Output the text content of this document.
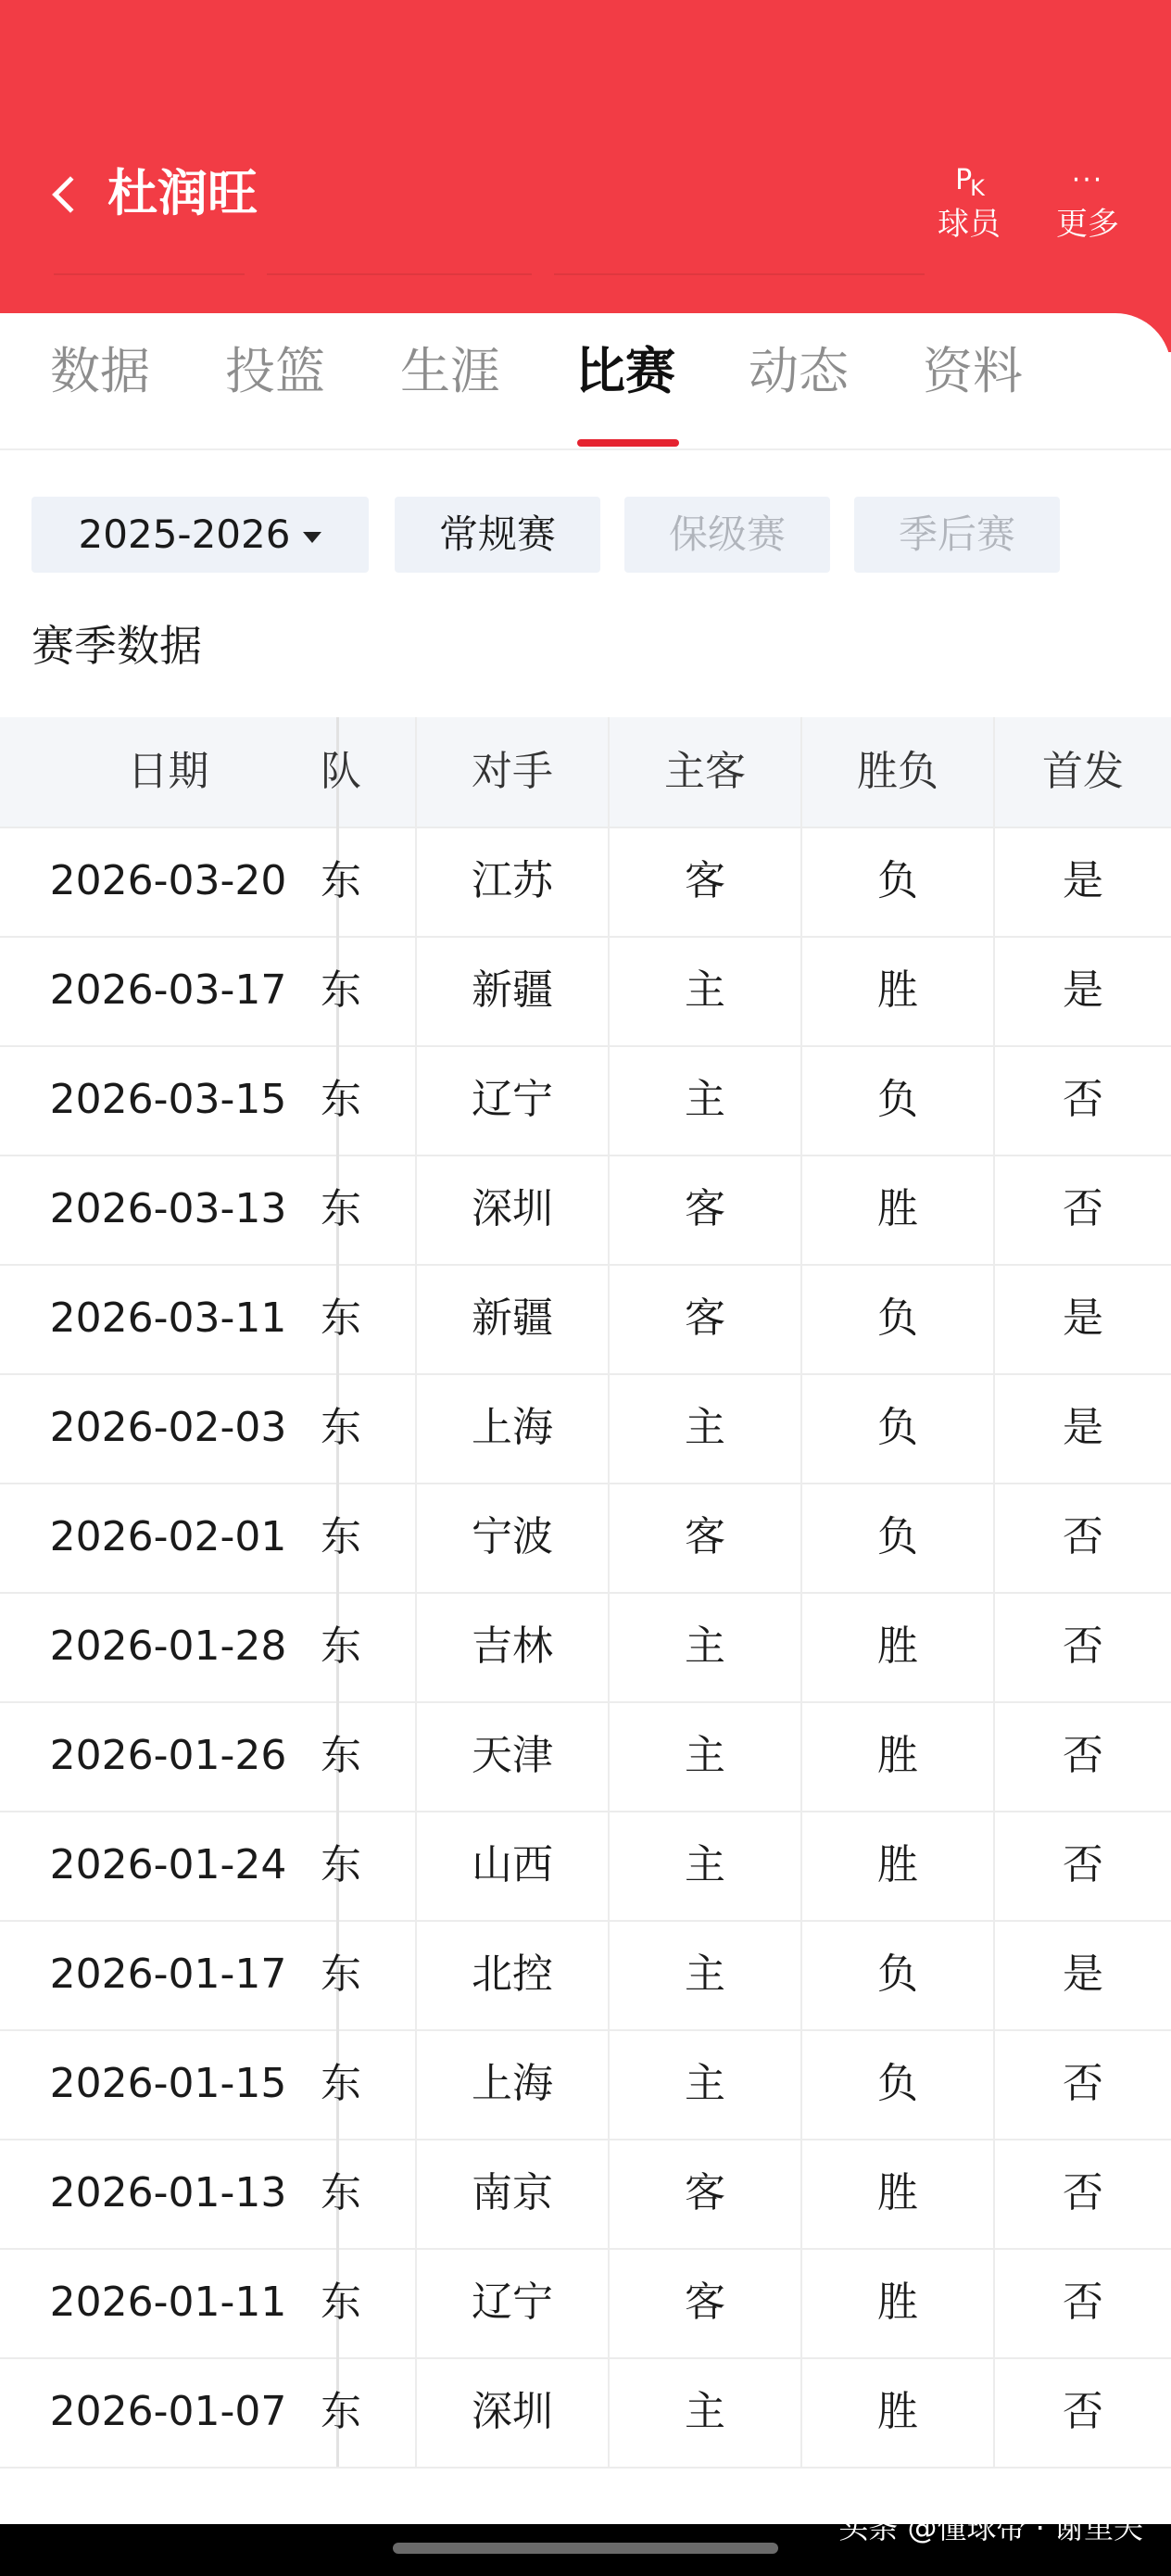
杜润旺	$P_K$
球员
···
更多
数据 投篮 生涯 比赛 动态 资料
2025-2026	常规赛	保级赛	季后赛
赛季数据
日期	队	对手	主客	胜负	首发
2026-03-20 东	江苏	客	负	是
2026-03-17 东	新疆	主	胜	是
2026-03-15 东	辽宁	主	负	否
2026-03-13 东	深圳	客	胜	否
2026-03-11 东	新疆	客	负	是
2026-02-03 东	上海	主	负	是
2026-02-01 东	宁波	客	负	否
2026-01-28 东	吉林	主	胜	否
2026-01-26 东	天津	主	胜	否
2026-01-24 东	山西	主	胜	否
2026-01-17 东	北控	主	负	是
2026-01-15 东	上海	主	负	否
2026-01-13 东	南京	客	胜	否
2026-01-11 东	辽宁	客	胜	否
2026-01-07 东	深圳	主	胜	否
头条 @懂球帝 · 谢里夫
